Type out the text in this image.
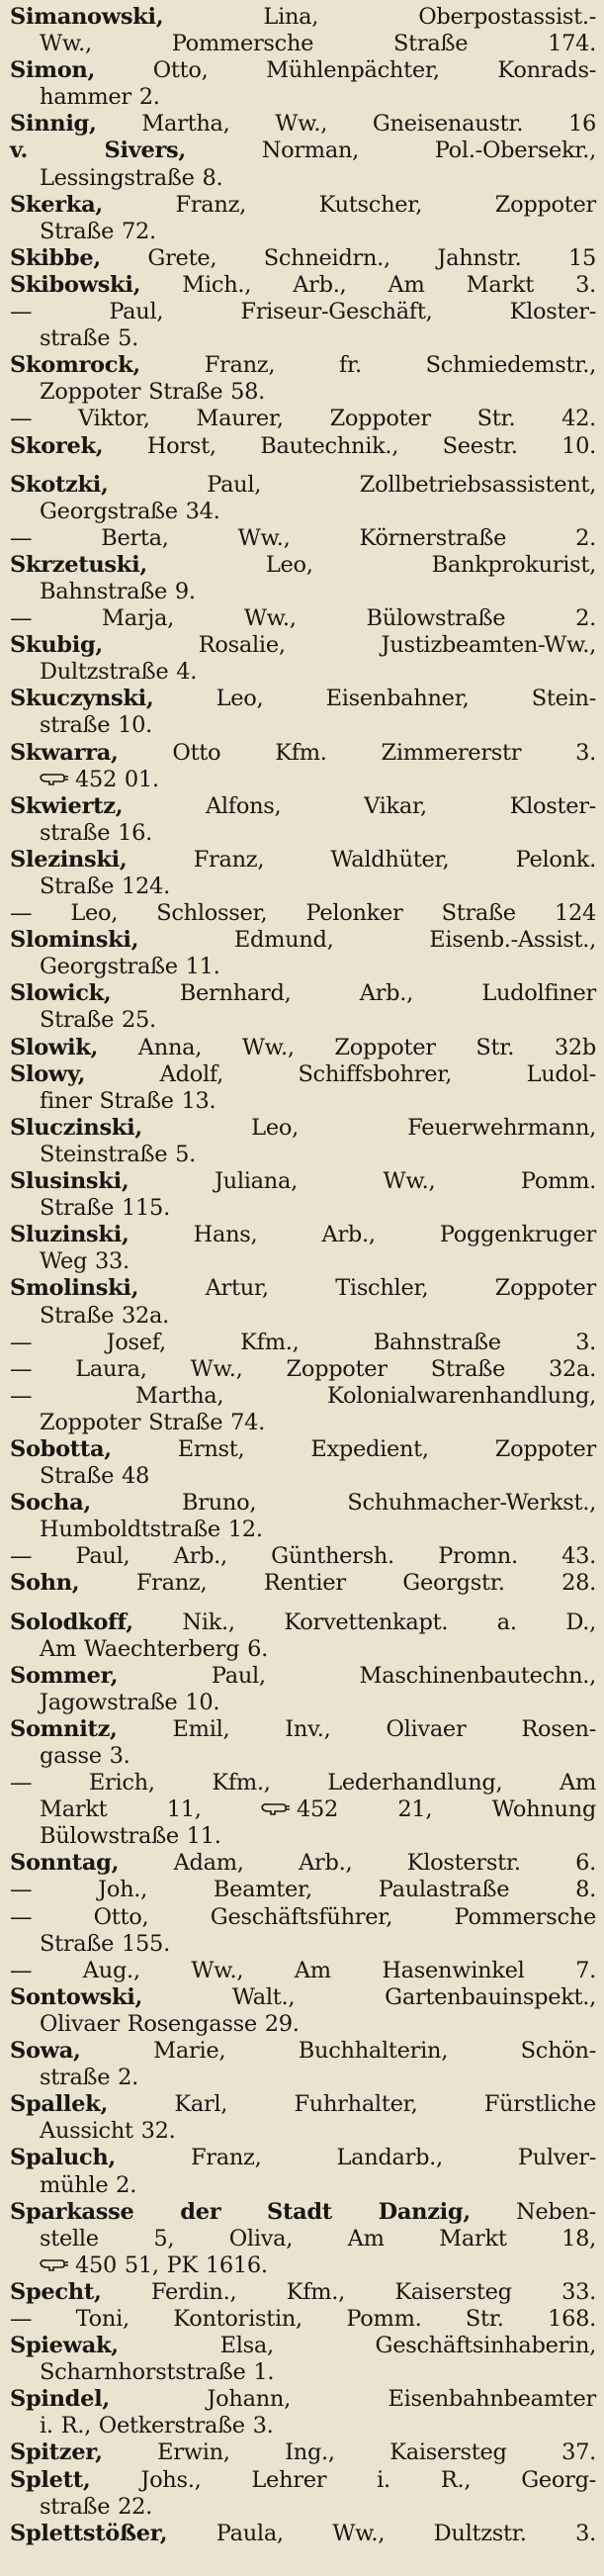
Simanowski, Lina, Oberpostassist.-
Ww., Pommersche Straße 174.
Simon, Otto, Mühlenpächter, Konrads-
hammer 2.
Sinnig, Martha, Ww., Gneisenaustr. 16
v. Sivers, Norman, Pol.-Obersekr.,
Lessingstraße 8.
Skerka, Franz, Kutscher, Zoppoter
Straße 72.
Skibbe, Grete, Schneidrn., Jahnstr. 15
Skibowski, Mich., Arb., Am Markt 3.
— Paul, Friseur-Geschäft, Kloster-
straße 5.
Skomrock, Franz, fr. Schmiedemstr.,
Zoppoter Straße 58.
— Viktor, Maurer, Zoppoter Str. 42.
Skorek, Horst, Bautechnik., Seestr. 10.
Skotzki, Paul, Zollbetriebsassistent,
Georgstraße 34.
— Berta, Ww., Körnerstraße 2.
Skrzetuski, Leo, Bankprokurist,
Bahnstraße 9.
— Marja, Ww., Bülowstraße 2.
Skubig, Rosalie, Justizbeamten-Ww.,
Dultzstraße 4.
Skuczynski, Leo, Eisenbahner, Stein-
straße 10.
Skwarra, Otto Kfm. Zimmererstr 3.
452 01.
Skwiertz, Alfons, Vikar, Kloster-
straße 16.
Slezinski, Franz, Waldhüter, Pelonk.
Straße 124.
— Leo, Schlosser, Pelonker Straße 124
Slominski, Edmund, Eisenb.-Assist.,
Georgstraße 11.
Slowick, Bernhard, Arb., Ludolfiner
Straße 25.
Slowik, Anna, Ww., Zoppoter Str. 32b
Slowy, Adolf, Schiffsbohrer, Ludol-
finer Straße 13.
Sluczinski, Leo, Feuerwehrmann,
Steinstraße 5.
Slusinski, Juliana, Ww., Pomm.
Straße 115.
Sluzinski, Hans, Arb., Poggenkruger
Weg 33.
Smolinski, Artur, Tischler, Zoppoter
Straße 32a.
— Josef, Kfm., Bahnstraße 3.
— Laura, Ww., Zoppoter Straße 32a.
— Martha, Kolonialwarenhandlung,
Zoppoter Straße 74.
Sobotta, Ernst, Expedient, Zoppoter
Straße 48
Socha, Bruno, Schuhmacher-Werkst.,
Humboldtstraße 12.
— Paul, Arb., Günthersh. Promn. 43.
Sohn, Franz, Rentier Georgstr. 28.
Solodkoff, Nik., Korvettenkapt. a. D.,
Am Waechterberg 6.
Sommer, Paul, Maschinenbautechn.,
Jagowstraße 10.
Somnitz, Emil, Inv., Olivaer Rosen-
gasse 3.
— Erich, Kfm., Lederhandlung, Am
Markt 11, 452 21, Wohnung
Bülowstraße 11.
Sonntag, Adam, Arb., Klosterstr. 6.
— Joh., Beamter, Paulastraße 8.
— Otto, Geschäftsführer, Pommersche
Straße 155.
— Aug., Ww., Am Hasenwinkel 7.
Sontowski, Walt., Gartenbauinspekt.,
Olivaer Rosengasse 29.
Sowa, Marie, Buchhalterin, Schön-
straße 2.
Spallek, Karl, Fuhrhalter, Fürstliche
Aussicht 32.
Spaluch, Franz, Landarb., Pulver-
mühle 2.
Sparkasse der Stadt Danzig, Neben-
stelle 5, Oliva, Am Markt 18,
450 51, PK 1616.
Specht, Ferdin., Kfm., Kaisersteg 33.
— Toni, Kontoristin, Pomm. Str. 168.
Spiewak, Elsa, Geschäftsinhaberin,
Scharnhorststraße 1.
Spindel, Johann, Eisenbahnbeamter
i. R., Oetkerstraße 3.
Spitzer, Erwin, Ing., Kaisersteg 37.
Splett, Johs., Lehrer i. R., Georg-
straße 22.
Splettstößer, Paula, Ww., Dultzstr. 3.
